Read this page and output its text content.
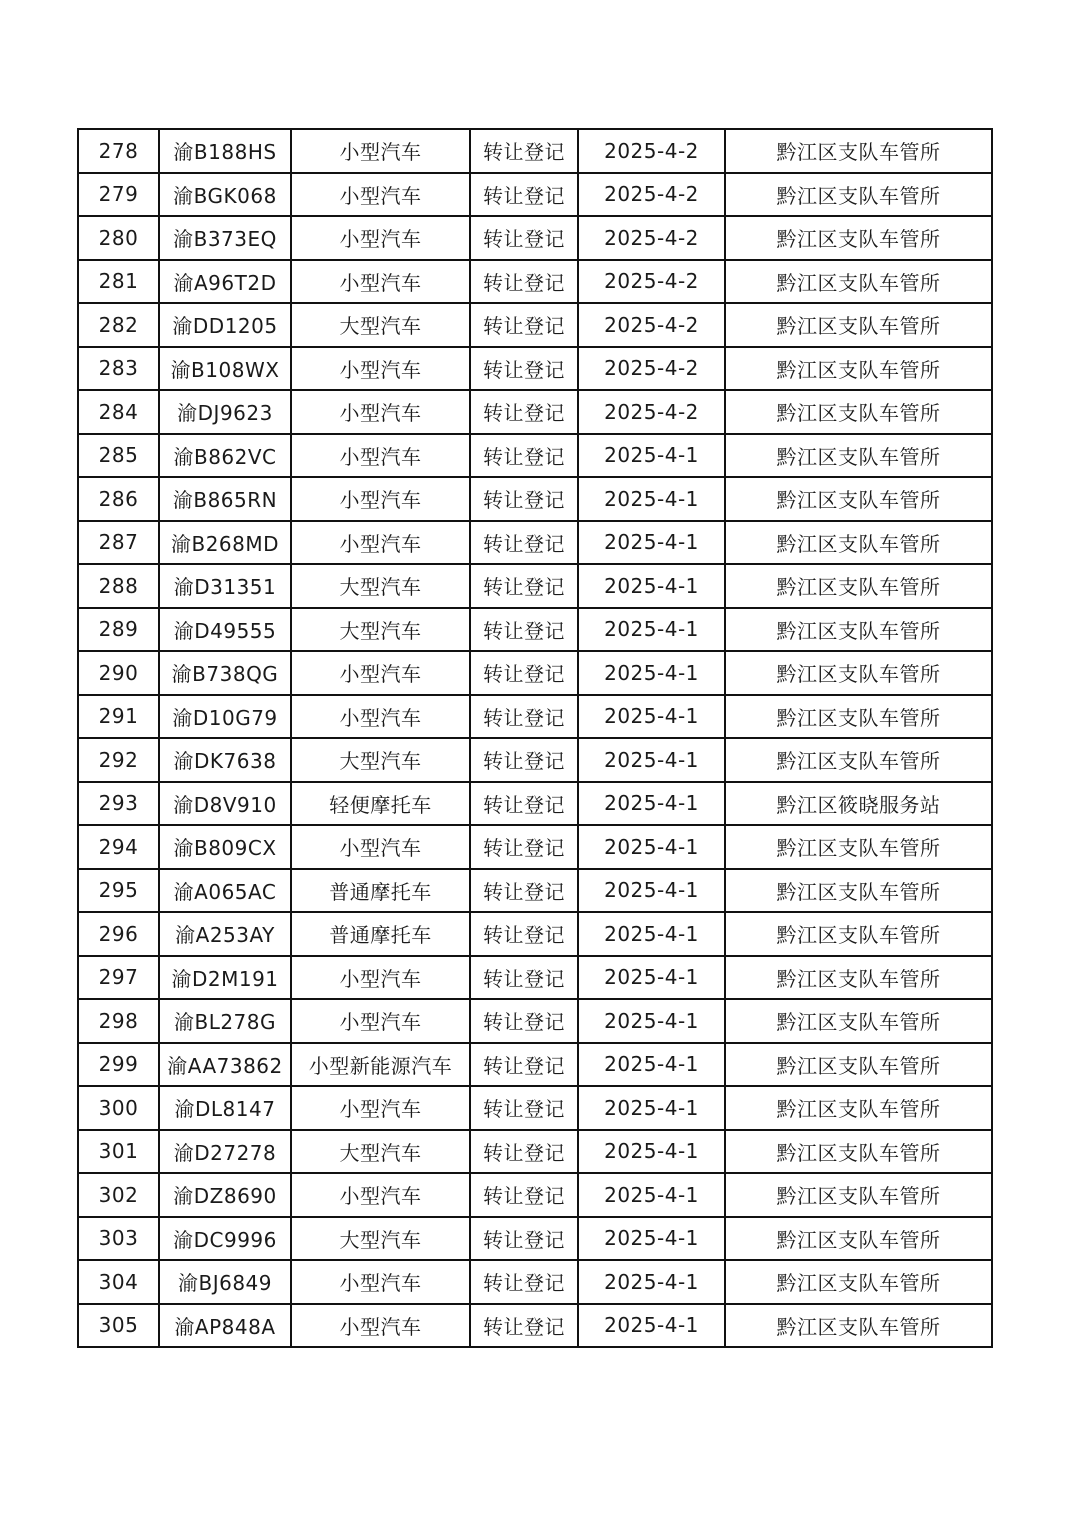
278	渝B188HS	小型汽车	转让登记	2025-4-2	黔江区支队车管所
279	渝BGK068	小型汽车	转让登记	2025-4-2	黔江区支队车管所
280	渝B373EQ	小型汽车	转让登记	2025-4-2	黔江区支队车管所
281	渝A96T2D	小型汽车	转让登记	2025-4-2	黔江区支队车管所
282	渝DD1205	大型汽车	转让登记	2025-4-2	黔江区支队车管所
283	渝B108WX	小型汽车	转让登记	2025-4-2	黔江区支队车管所
284	渝DJ9623	小型汽车	转让登记	2025-4-2	黔江区支队车管所
285	渝B862VC	小型汽车	转让登记	2025-4-1	黔江区支队车管所
286	渝B865RN	小型汽车	转让登记	2025-4-1	黔江区支队车管所
287	渝B268MD	小型汽车	转让登记	2025-4-1	黔江区支队车管所
288	渝D31351	大型汽车	转让登记	2025-4-1	黔江区支队车管所
289	渝D49555	大型汽车	转让登记	2025-4-1	黔江区支队车管所
290	渝B738QG	小型汽车	转让登记	2025-4-1	黔江区支队车管所
291	渝D10G79	小型汽车	转让登记	2025-4-1	黔江区支队车管所
292	渝DK7638	大型汽车	转让登记	2025-4-1	黔江区支队车管所
293	渝D8V910	轻便摩托车	转让登记	2025-4-1	黔江区筱晓服务站
294	渝B809CX	小型汽车	转让登记	2025-4-1	黔江区支队车管所
295	渝A065AC	普通摩托车	转让登记	2025-4-1	黔江区支队车管所
296	渝A253AY	普通摩托车	转让登记	2025-4-1	黔江区支队车管所
297	渝D2M191	小型汽车	转让登记	2025-4-1	黔江区支队车管所
298	渝BL278G	小型汽车	转让登记	2025-4-1	黔江区支队车管所
299	渝AA73862	小型新能源汽车	转让登记	2025-4-1	黔江区支队车管所
300	渝DL8147	小型汽车	转让登记	2025-4-1	黔江区支队车管所
301	渝D27278	大型汽车	转让登记	2025-4-1	黔江区支队车管所
302	渝DZ8690	小型汽车	转让登记	2025-4-1	黔江区支队车管所
303	渝DC9996	大型汽车	转让登记	2025-4-1	黔江区支队车管所
304	渝BJ6849	小型汽车	转让登记	2025-4-1	黔江区支队车管所
305	渝AP848A	小型汽车	转让登记	2025-4-1	黔江区支队车管所
